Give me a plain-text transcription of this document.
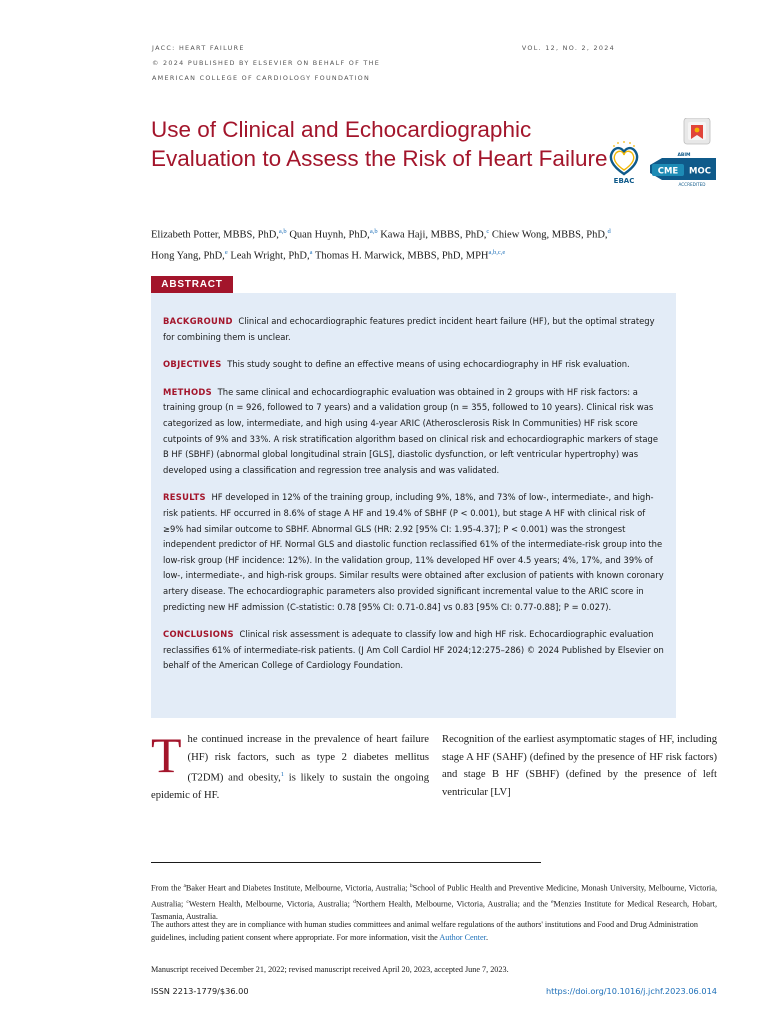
JACC: HEART FAILURE
© 2024 PUBLISHED BY ELSEVIER ON BEHALF OF THE
AMERICAN COLLEGE OF CARDIOLOGY FOUNDATION
VOL. 12, NO. 2, 2024
Use of Clinical and Echocardiographic Evaluation to Assess the Risk of Heart Failure
EBAC
CME MOC
ABIM
ACCREDITED
Elizabeth Potter, MBBS, PhD,$^{a,b}$ Quan Huynh, PhD,$^{a,b}$ Kawa Haji, MBBS, PhD,$^c$ Chiew Wong, MBBS, PhD,$^d$
Hong Yang, PhD,$^e$ Leah Wright, PhD,$^a$ Thomas H. Marwick, MBBS, PhD, MPH$^{a,b,c,e}$
ABSTRACT

BACKGROUND Clinical and echocardiographic features predict incident heart failure (HF), but the optimal strategy for combining them is unclear.

OBJECTIVES This study sought to define an effective means of using echocardiography in HF risk evaluation.

METHODS The same clinical and echocardiographic evaluation was obtained in 2 groups with HF risk factors: a training group (n = 926, followed to 7 years) and a validation group (n = 355, followed to 10 years). Clinical risk was categorized as low, intermediate, and high using 4-year ARIC (Atherosclerosis Risk In Communities) HF risk score cutpoints of 9% and 33%. A risk stratification algorithm based on clinical risk and echocardiographic markers of stage B HF (SBHF) (abnormal global longitudinal strain [GLS], diastolic dysfunction, or left ventricular hypertrophy) was developed using a classification and regression tree analysis and was validated.

RESULTS HF developed in 12% of the training group, including 9%, 18%, and 73% of low-, intermediate-, and high-risk patients. HF occurred in 8.6% of stage A HF and 19.4% of SBHF (P < 0.001), but stage A HF with clinical risk of ≥9% had similar outcome to SBHF. Abnormal GLS (HR: 2.92 [95% CI: 1.95-4.37]; P < 0.001) was the strongest independent predictor of HF. Normal GLS and diastolic function reclassified 61% of the intermediate-risk group into the low-risk group (HF incidence: 12%). In the validation group, 11% developed HF over 4.5 years; 4%, 17%, and 39% of low-, intermediate-, and high-risk groups. Similar results were obtained after exclusion of patients with known coronary artery disease. The echocardiographic parameters also provided significant incremental value to the ARIC score in predicting new HF admission (C-statistic: 0.78 [95% CI: 0.71-0.84] vs 0.83 [95% CI: 0.77-0.88]; P = 0.027).

CONCLUSIONS Clinical risk assessment is adequate to classify low and high HF risk. Echocardiographic evaluation reclassifies 61% of intermediate-risk patients. (J Am Coll Cardiol HF 2024;12:275–286) © 2024 Published by Elsevier on behalf of the American College of Cardiology Foundation.

The continued increase in the prevalence of heart failure (HF) risk factors, such as type 2 diabetes mellitus (T2DM) and obesity,$^1$ is likely to sustain the ongoing epidemic of HF.
Recognition of the earliest asymptomatic stages of HF, including stage A HF (SAHF) (defined by the presence of HF risk factors) and stage B HF (SBHF) (defined by the presence of left ventricular [LV]
From the $^a$Baker Heart and Diabetes Institute, Melbourne, Victoria, Australia; $^b$School of Public Health and Preventive Medicine, Monash University, Melbourne, Victoria, Australia; $^c$Western Health, Melbourne, Victoria, Australia; $^d$Northern Health, Melbourne, Victoria, Australia; and the $^e$Menzies Institute for Medical Research, Hobart, Tasmania, Australia.
The authors attest they are in compliance with human studies committees and animal welfare regulations of the authors' institutions and Food and Drug Administration guidelines, including patient consent where appropriate. For more information, visit the Author Center.
Manuscript received December 21, 2022; revised manuscript received April 20, 2023, accepted June 7, 2023.
ISSN 2213-1779/$36.00	https://doi.org/10.1016/j.jchf.2023.06.014
